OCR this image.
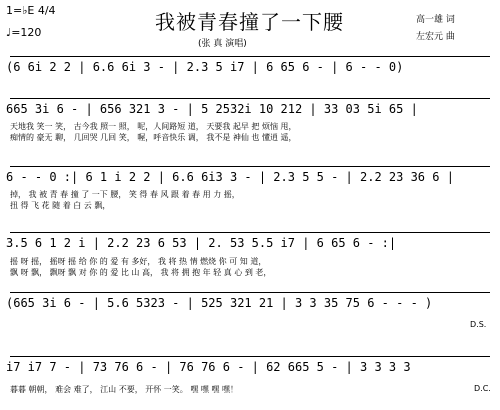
1=♭E 4/4
♩=120	我被青春撞了一下腰
(张 真 演唱)
高一雄 词
左宏元 曲
(6 6i 2 2 | 6.6 6i 3 - | 2.3 5 i7 | 6 65 6 - | 6 - - 0)
665 3i 6 - | 656 321 3 - | 5 2532i 10 212 | 33 03 5i 65 |
天地我 笑一 笑， 古今我 照一 照， 呢，人间路短 道， 天要我 起早 把 烦恼 甩，
痴情的 豪无 聊， 几回哭 几回 笑， 喔，呼音快乐 调， 我不是 神仙 也 懂逍 遥，
6 - - 0 :| 6 1 i 2 2 | 6.6 6i3 3 - | 2.3 5 5 - | 2.2 23 36 6 |
掉， 我 被 青 春 撞 了 一下 腰， 笑 得 春 风 跟 着 春 用 力 摇，
扭 得 飞 花 随 着 白 云 飘，
3.5 6 1 2 i | 2.2 23 6 53 | 2. 53 5.5 i7 | 6 65 6 - :|
摇 呀 摇， 摇呀 摇 给 你 的 爱 有 多好， 我 将 热 情 燃烧 你 可 知 道，
飘 呀 飘， 飘呀 飘 对 你 的 爱 比 山 高， 我 将 拥 抱 年 轻 真 心 到 老，
(665 3i 6 - | 5.6 5323 - | 525 321 21 | 3 3 35 75 6 - - - )
D.S.
i7 i7 7 - | 73 76 6 - | 76 76 6 - | 62 665 5 - | 3 3 3 3
暮暮 朝朝， 难会 难了， 江山 不要， 开怀 一笑。 嘿 嘿 嘿 嘿！	D.C.
